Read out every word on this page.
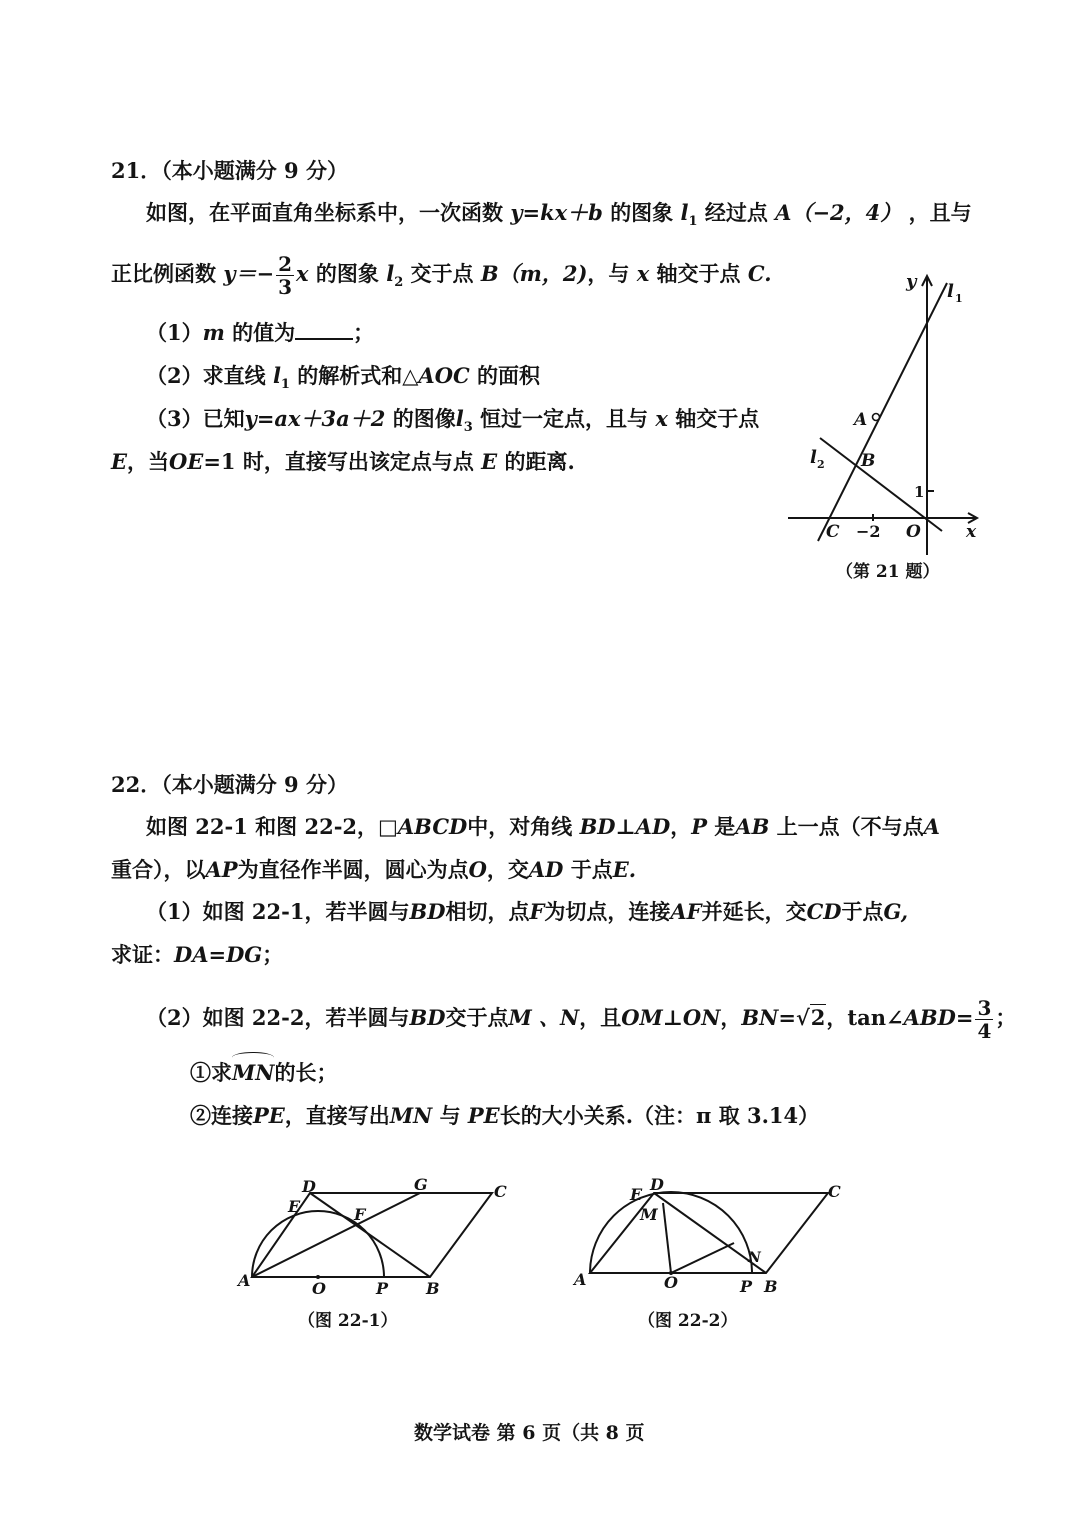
21．（本小题满分 9 分）
如图，在平面直角坐标系中，一次函数 y=kx＋b 的图象 $l_1$ 经过点 A（−2，4） ，且与
正比例函数 $y=- \frac{2}{3}$ x 的图象 $l_2$ 交于点 B（m，2)，与 x 轴交于点 C.
（1）m 的值为	；
（2）求直线 $l_1$ 的解析式和△AOC 的面积
（3）已知y=ax＋3a＋2 的图像$l_3$ 恒过一定点，且与 x 轴交于点
E，当OE=1 时，直接写出该定点与点 E 的距离.
y l 1
A
l 2 B
1
C −2 O	x
（第 21 题）
22．（本小题满分 9 分）
如图 22-1 和图 22-2，□ABCD中，对角线 BD⊥AD，P 是AB 上一点（不与点A
重合），以AP为直径作半圆，圆心为点O，交AD 于点E.
（1）如图 22-1，若半圆与BD相切，点F为切点，连接AF并延长，交CD于点G,
求证：DA=DG；
（2）如图 22-2，若半圆与BD交于点M 、N，且OM⊥ON，BN=√2，tan∠ABD= $\frac{3}{4}$ ；
①求MN的长；
②连接PE，直接写出MN 与 PE长的大小关系.（注：π 取 3.14）
D	G	C
E	F
A	O	P B
（图 22-1）
E
D
M
C
N
A	O	P B
（图 22-2）
数学试卷 第 6 页（共 8 页
